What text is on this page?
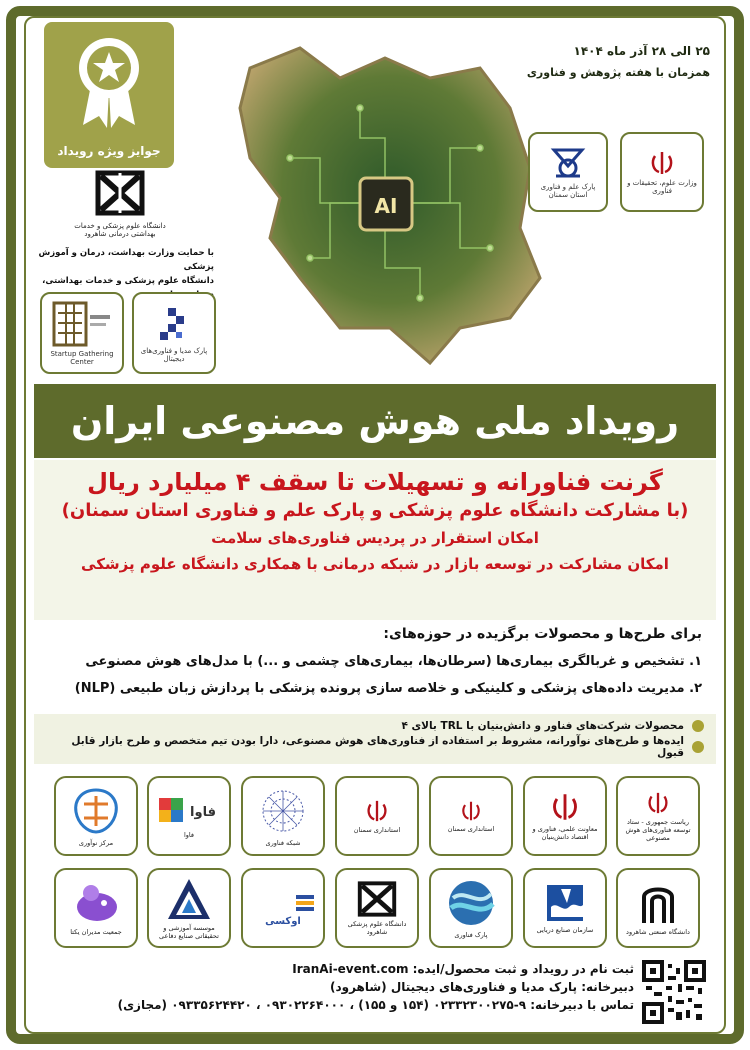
جوایز ویژه رویداد
دانشگاه علوم پزشکی و خدمات بهداشتی درمانی شاهرود
با حمایت وزارت بهداشت، درمان و آموزش پزشکی
دانشگاه علوم پزشکی و خدمات بهداشتی،
Startup Gathering Center
پارک مدیا و فناوری‌های دیجیتال
AI
۲۵ الی ۲۸ آذر ماه ۱۴۰۴
همزمان با هفته پژوهش و فناوری
پارک علم و فناوری استان سمنان
وزارت علوم، تحقیقات و فناوری
رویداد ملی هوش مصنوعی ایران
گرنت فناورانه و تسهیلات تا سقف ۴ میلیارد ریال
(با مشارکت دانشگاه علوم پزشکی و پارک علم و فناوری استان سمنان)
امکان استقرار در پردیس فناوری‌های سلامت
امکان مشارکت در توسعه بازار در شبکه درمانی با همکاری دانشگاه علوم پزشکی
برای طرح‌ها و محصولات برگزیده در حوزه‌های:
۱. تشخیص و غربالگری بیماری‌ها (سرطان‌ها، بیماری‌های چشمی و ...) با مدل‌های هوش مصنوعی
۲. مدیریت داده‌های پزشکی و کلینیکی و خلاصه سازی پرونده پزشکی با پردازش زبان طبیعی (NLP)
محصولات شرکت‌های فناور و دانش‌بنیان با TRL بالای ۴
ایده‌ها و طرح‌های نوآورانه، مشروط بر استفاده از فناوری‌های هوش مصنوعی، دارا بودن تیم متخصص و طرح بازار قابل قبول
ریاست جمهوری - ستاد توسعه فناوری‌های هوش مصنوعی
معاونت علمی، فناوری و اقتصاد دانش‌بنیان
استانداری سمنان
استانداری سمنان
شبکه فناوری
فاوا
فاوا
مرکز نوآوری
دانشگاه صنعتی شاهرود
سازمان صنایع دریایی
پارک فناوری
دانشگاه علوم پزشکی شاهرود
اوکسی
موسسه آموزشی و تحقیقاتی صنایع دفاعی
جمعیت مدیران یکتا
ثبت نام در رویداد و ثبت محصول/ایده: IranAi-event.com
دبیرخانه: پارک مدیا و فناوری‌های دیجیتال (شاهرود)
تماس با دبیرخانه: ۹-۰۲۳۳۲۳۰۰۲۷۵ (۱۵۴ و ۱۵۵) ، ۰۹۳۰۲۲۶۴۰۰۰ ، ۰۹۳۳۵۶۲۴۴۲۰ (مجازی)
